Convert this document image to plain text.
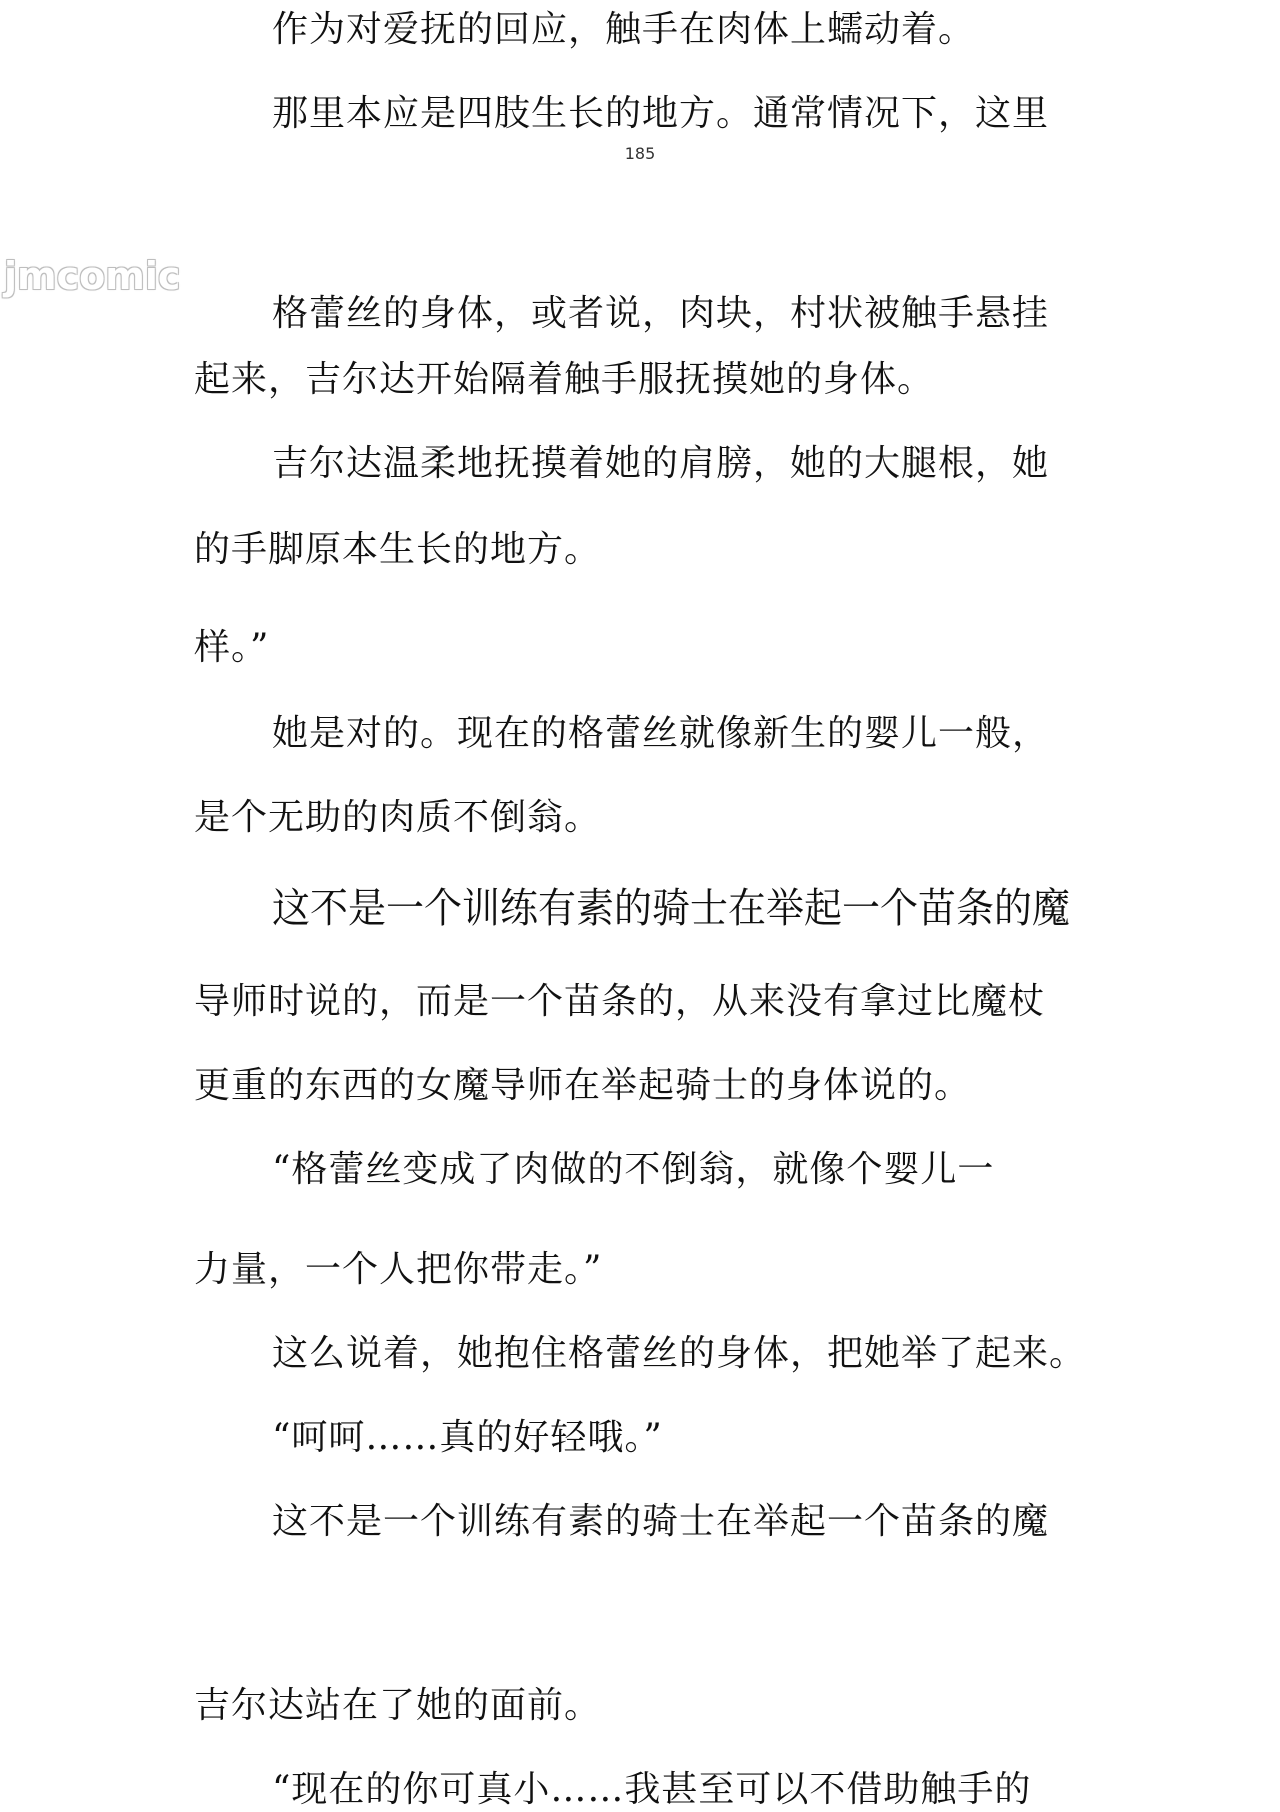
作为对爱抚的回应，触手在肉体上蠕动着。
那里本应是四肢生长的地方。通常情况下，这里
185
jmcomic
格蕾丝的身体，或者说，肉块，村状被触手悬挂
起来，吉尔达开始隔着触手服抚摸她的身体。
吉尔达温柔地抚摸着她的肩膀，她的大腿根，她
的手脚原本生长的地方。
样。”
她是对的。现在的格蕾丝就像新生的婴儿一般，
是个无助的肉质不倒翁。
这不是一个训练有素的骑士在举起一个苗条的魔
导师时说的，而是一个苗条的，从来没有拿过比魔杖
更重的东西的女魔导师在举起骑士的身体说的。
“格蕾丝变成了肉做的不倒翁，就像个婴儿一
力量，一个人把你带走。”
这么说着，她抱住格蕾丝的身体，把她举了起来。
“呵呵……真的好轻哦。”
这不是一个训练有素的骑士在举起一个苗条的魔
吉尔达站在了她的面前。
“现在的你可真小……我甚至可以不借助触手的
